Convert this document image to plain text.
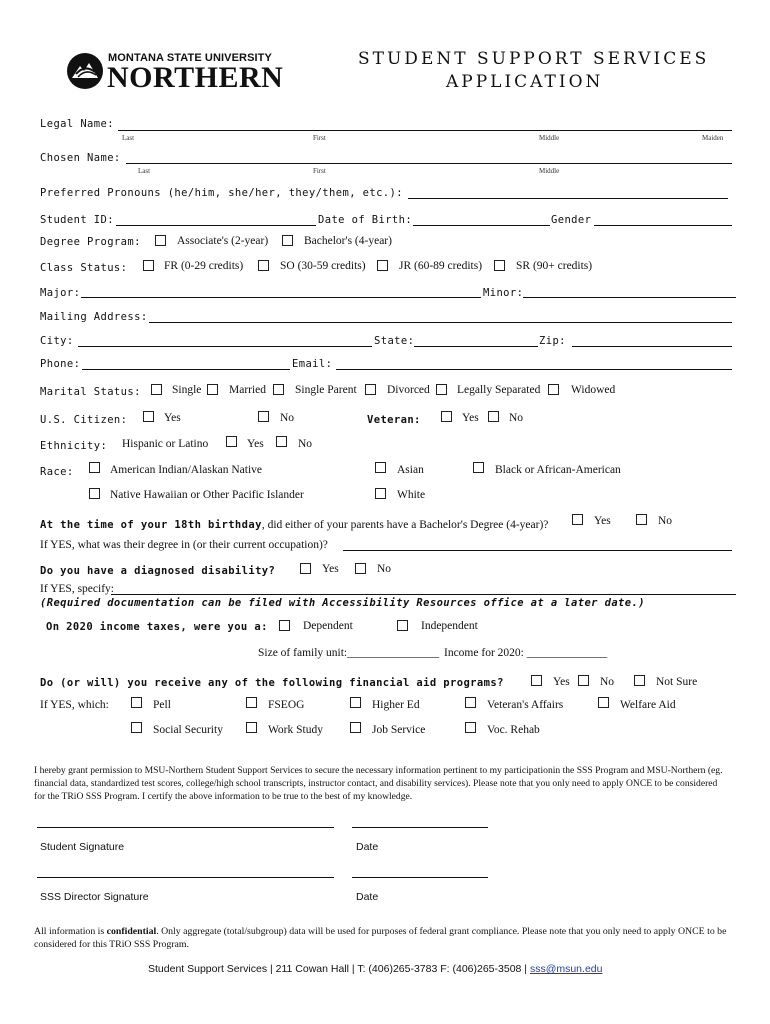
MONTANA STATE UNIVERSITY
NORTHERN
STUDENT SUPPORT SERVICES
APPLICATION
Legal Name:
Last	First	Middle	Maiden
Chosen Name:
Last	First	Middle
Preferred Pronouns (he/him, she/her, they/them, etc.):
Student ID:	Date of Birth:	Gender
Degree Program:	Associate's (2-year)	Bachelor's (4-year)
Class Status:	FR (0-29 credits)	SO (30-59 credits)	JR (60-89 credits)	SR (90+ credits)
Major:	Minor:
Mailing Address:
City:	State:	Zip:
Phone:	Email:
Marital Status:	Single Married	Single Parent	Divorced Legally Separated	Widowed
U.S. Citizen:	Yes	No	Veteran:	Yes	No
Ethnicity: Hispanic or Latino	Yes	No
Race:	American Indian/Alaskan Native	Asian	Black or African-American
Native Hawaiian or Other Pacific Islander	White
At the time of your 18th birthday, did either of your parents have a Bachelor's Degree (4-year)?	Yes	No
If YES, what was their degree in (or their current occupation)?
Do you have a diagnosed disability?	Yes	No
If YES, specify:
(Required documentation can be filed with Accessibility Resources office at a later date.)
On 2020 income taxes, were you a:	Dependent	Independent
Size of family unit:________________ Income for 2020: ______________
Do (or will) you receive any of the following financial aid programs?	Yes	No	Not Sure
If YES, which:	Pell	FSEOG	Higher Ed	Veteran's Affairs	Welfare Aid
Social Security	Work Study	Job Service	Voc. Rehab
I hereby grant permission to MSU-Northern Student Support Services to secure the necessary information pertinent to my participationin the SSS Program and MSU-Northern (eg. financial data, standardized test scores, college/high school transcripts, instructor contact, and disability services). Please note that you only need to apply ONCE to be considered for the TRiO SSS Program. I certify the above information to be true to the best of my knowledge.
Student Signature	Date
SSS Director Signature	Date
All information is confidential. Only aggregate (total/subgroup) data will be used for purposes of federal grant compliance. Please note that you only need to apply ONCE to be considered for this TRiO SSS Program.
Student Support Services | 211 Cowan Hall | T: (406)265-3783 F: (406)265-3508 | sss@msun.edu
